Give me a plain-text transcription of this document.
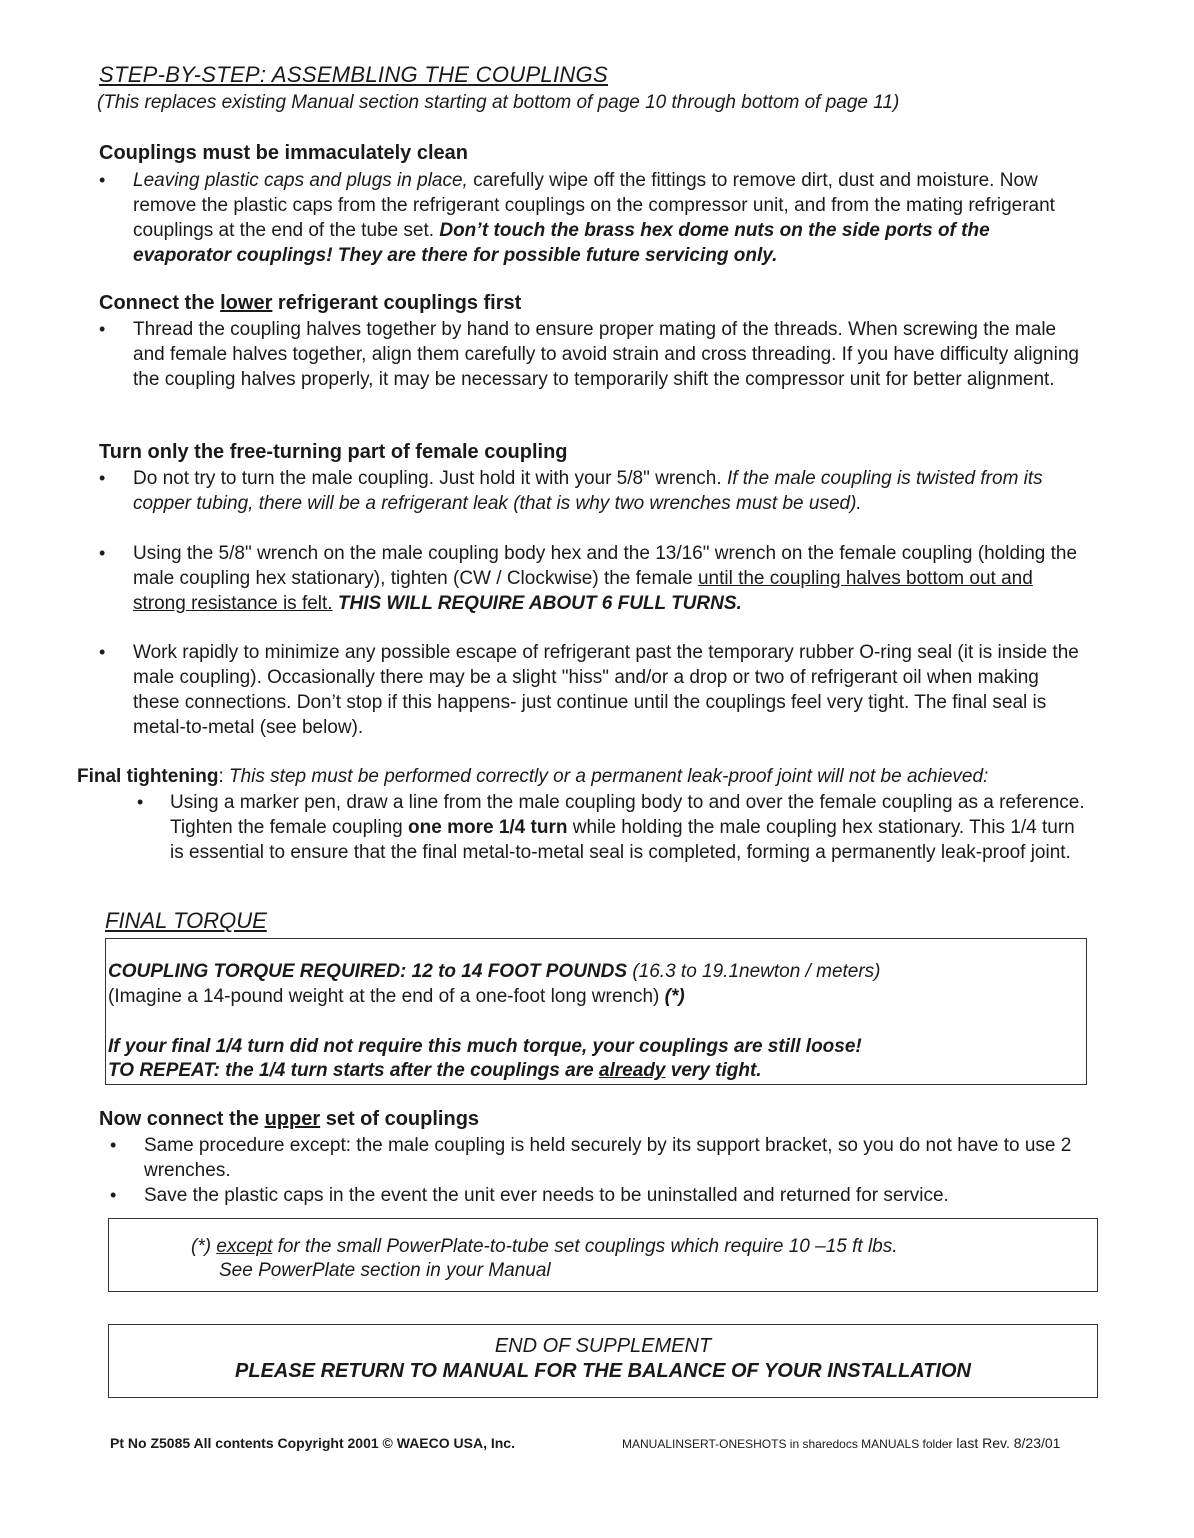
STEP-BY-STEP: ASSEMBLING THE COUPLINGS
(This replaces existing Manual section starting at bottom of page 10 through bottom of page 11)
Couplings must be immaculately clean
• Leaving plastic caps and plugs in place, carefully wipe off the fittings to remove dirt, dust and moisture. Now remove the plastic caps from the refrigerant couplings on the compressor unit, and from the mating refrigerant couplings at the end of the tube set. Don’t touch the brass hex dome nuts on the side ports of the evaporator couplings! They are there for possible future servicing only.
Connect the lower refrigerant couplings first
• Thread the coupling halves together by hand to ensure proper mating of the threads. When screwing the male and female halves together, align them carefully to avoid strain and cross threading. If you have difficulty aligning the coupling halves properly, it may be necessary to temporarily shift the compressor unit for better alignment.
Turn only the free-turning part of female coupling
• Do not try to turn the male coupling. Just hold it with your 5/8" wrench. If the male coupling is twisted from its copper tubing, there will be a refrigerant leak (that is why two wrenches must be used).
• Using the 5/8" wrench on the male coupling body hex and the 13/16" wrench on the female coupling (holding the male coupling hex stationary), tighten (CW / Clockwise) the female until the coupling halves bottom out and strong resistance is felt. THIS WILL REQUIRE ABOUT 6 FULL TURNS.
• Work rapidly to minimize any possible escape of refrigerant past the temporary rubber O-ring seal (it is inside the male coupling). Occasionally there may be a slight "hiss" and/or a drop or two of refrigerant oil when making these connections. Don’t stop if this happens- just continue until the couplings feel very tight. The final seal is metal-to-metal (see below).
Final tightening: This step must be performed correctly or a permanent leak-proof joint will not be achieved:
• Using a marker pen, draw a line from the male coupling body to and over the female coupling as a reference. Tighten the female coupling one more 1/4 turn while holding the male coupling hex stationary. This 1/4 turn is essential to ensure that the final metal-to-metal seal is completed, forming a permanently leak-proof joint.
FINAL TORQUE
COUPLING TORQUE REQUIRED: 12 to 14 FOOT POUNDS (16.3 to 19.1newton / meters)
(Imagine a 14-pound weight at the end of a one-foot long wrench) (*)
If your final 1/4 turn did not require this much torque, your couplings are still loose!
TO REPEAT: the 1/4 turn starts after the couplings are already very tight.
Now connect the upper set of couplings
• Same procedure except: the male coupling is held securely by its support bracket, so you do not have to use 2 wrenches.
• Save the plastic caps in the event the unit ever needs to be uninstalled and returned for service.
(*) except for the small PowerPlate-to-tube set couplings which require 10 –15 ft lbs.
See PowerPlate section in your Manual
END OF SUPPLEMENT
PLEASE RETURN TO MANUAL FOR THE BALANCE OF YOUR INSTALLATION
Pt No Z5085 All contents Copyright 2001 © WAECO USA, Inc.	MANUALINSERT-ONESHOTS in sharedocs MANUALS folder last Rev. 8/23/01
